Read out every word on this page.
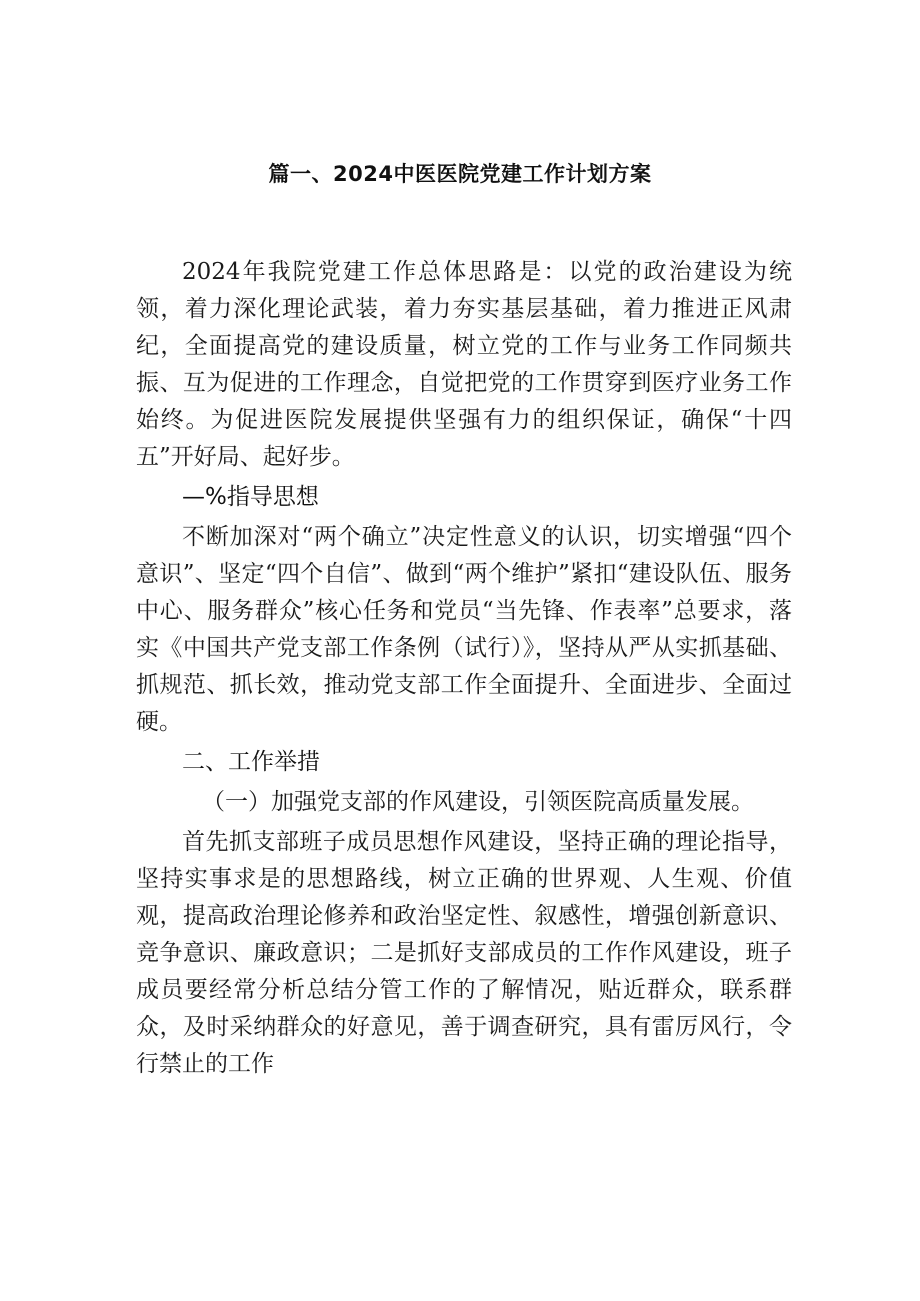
篇一、2024中医医院党建工作计划方案

2024年我院党建工作总体思路是：以党的政治建设为统领，着力深化理论武装，着力夯实基层基础，着力推进正风肃纪，全面提高党的建设质量，树立党的工作与业务工作同频共振、互为促进的工作理念，自觉把党的工作贯穿到医疗业务工作始终。为促进医院发展提供坚强有力的组织保证，确保“十四五”开好局、起好步。

—%指导思想

不断加深对“两个确立”决定性意义的认识，切实增强“四个意识”、坚定“四个自信”、做到“两个维护”紧扣“建设队伍、服务中心、服务群众”核心任务和党员“当先锋、作表率”总要求，落实《中国共产党支部工作条例（试行）》，坚持从严从实抓基础、抓规范、抓长效，推动党支部工作全面提升、全面进步、全面过硬。

二、工作举措

（一）加强党支部的作风建设，引领医院高质量发展。

首先抓支部班子成员思想作风建设，坚持正确的理论指导，坚持实事求是的思想路线，树立正确的世界观、人生观、价值观，提高政治理论修养和政治坚定性、叙感性，增强创新意识、竞争意识、廉政意识；二是抓好支部成员的工作作风建设，班子成员要经常分析总结分管工作的了解情况，贴近群众，联系群众，及时采纳群众的好意见，善于调查研究，具有雷厉风行，令行禁止的工作
